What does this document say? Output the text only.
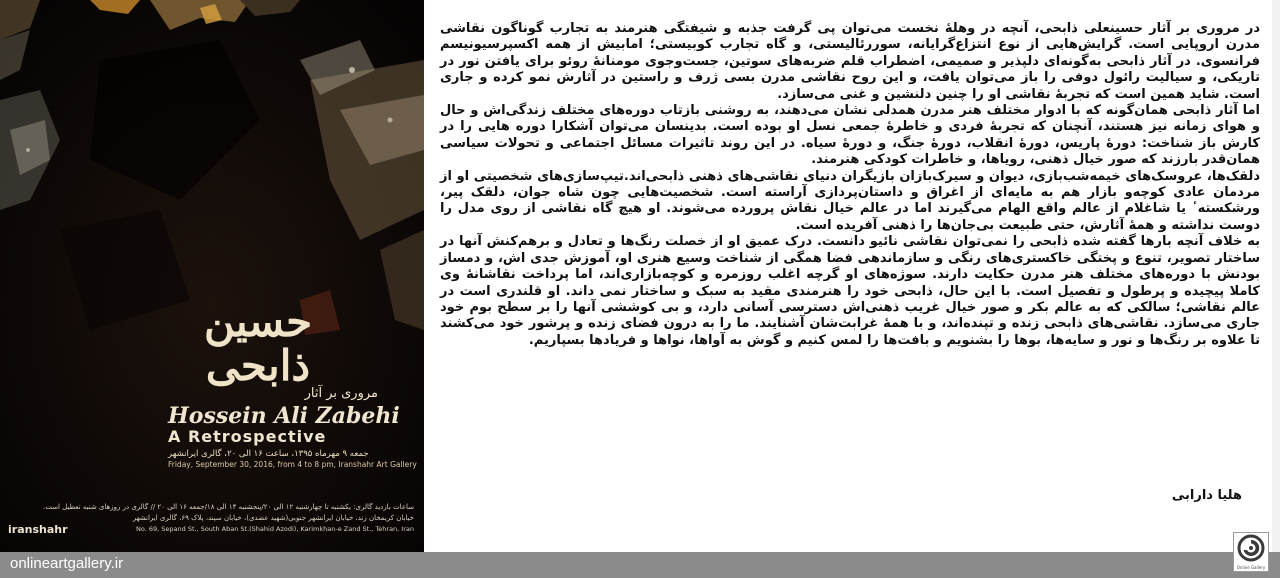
حسین ذابحی
مروری بر آثار
Hossein Ali Zabehi
A Retrospective
جمعه ۹ مهرماه ۱۳۹۵، ساعت ۱۶ الی ۲۰، گالری ایرانشهر
Friday, September 30, 2016, from 4 to 8 pm, Iranshahr Art Gallery
ساعات بازدید گالری: یکشنبه تا چهارشنبه ۱۲ الی ۲۰/پنجشنبه ۱۴ الی ۱۸/جمعه ۱۶ الی ۲۰ // گالری در روزهای شنبه تعطیل است.
خیابان کریمخان زند، خیابان ایرانشهر جنوبی(شهید عضدی)، خیابان سپند، پلاک ۶۹، گالری ایرانشهر
iranshahr	No. 69, Sepand St., South Aban St.(Shahid Azodi), Karimkhan-e Zand St., Tehran, Iran

در مروری بر آثار حسینعلی ذابحی، آنچه در وهلهٔ نخست می‌توان پی گرفت جذبه و شیفتگی هنرمند به تجارب گوناگون نقاشی مدرن اروپایی است. گرایش‌هایی از نوع انتزاع‌گرایانه، سوررئالیستی، و گاه تجارب کوبیستی؛ امابیش از همه اکسپرسیونیسم فرانسوی. در آثار ذابحی به‌گونه‌ای دلپذیر و صمیمی، اضطراب قلم ضربه‌های سوتین، جست‌وجوی مومنانهٔ روئو برای یافتن نور در تاریکی، و سیالیت رائول دوفی را باز می‌توان یافت، و این روح نقاشی مدرن بسی ژرف و راستین در آثارش نمو کرده و جاری است. شاید همین است که تجربهٔ نقاشی او را چنین دلنشین و غنی می‌سازد.

اما آثار ذابحی همان‌گونه که با ادوار مختلف هنر مدرن همدلی نشان می‌دهند، به روشنی بازتاب دوره‌های مختلف زندگی‌اش و حال و هوای زمانه نیز هستند، آنچنان که تجربهٔ فردی و خاطرهٔ جمعی نسل او بوده است. بدینسان می‌توان آشکارا دوره هایی را در کارش باز شناخت: دورهٔ پاریس، دورهٔ انقلاب، دورهٔ جنگ، و دورهٔ سیاه. در این روند تاثیرات مسائل اجتماعی و تحولات سیاسی همان‌قدر بارزند که صور خیال ذهنی، رویاها، و خاطرات کودکی هنرمند.

دلقک‌ها، عروسک‌های خیمه‌شب‌بازی، دیوان و سیرک‌بازان بازیگران دنیای نقاشی‌های ذهنی ذابحی‌اند.تیپ‌سازی‌های شخصیتی او از مردمان عادی کوچه‌و بازار هم به مایه‌ای از اغراق و داستان‌پردازی آراسته است. شخصیت‌هایی چون شاه جوان، دلقک پیر، ورشکسته ٔ یا شاغلام از عالم واقع الهام می‌گیرند اما در عالم خیال نقاش پرورده می‌شوند. او هیچ گاه نقاشی از روی مدل را دوست نداشته و همهٔ آثارش، حتی طبیعت بی‌جان‌ها را ذهنی آفریده است.

به خلاف آنچه بارها گفته شده ذابحی را نمی‌توان نقاشی نائیو دانست. درک عمیق او از خصلت رنگ‌ها و تعادل و برهم‌کنش آنها در ساختار تصویر، تنوع و پختگی خاکستری‌های رنگی و سازماندهی فضا همگی از شناخت وسیع هنری او، آموزش جدی اش، و دمساز بودنش با دوره‌های مختلف هنر مدرن حکایت دارند. سوژه‌های او گرچه اغلب روزمره و کوچه‌بازاری‌اند، اما پرداخت نقاشانهٔ وی کاملا پیچیده و پرطول و تفصیل است. با این حال، ذابحی خود را هنرمندی مقید به سبک و ساختار نمی داند. او قلندری است در عالم نقاشی؛ سالکی که به عالم بکر و صور خیال غریب ذهنی‌اش دسترسی آسانی دارد، و بی کوششی آنها را بر سطح بوم خود جاری می‌سازد. نقاشی‌های ذابحی زنده و تپنده‌اند، و با همهٔ غرابت‌شان آشنایند. ما را به درون فضای زنده و پرشور خود می‌کشند تا علاوه بر رنگ‌ها و نور و سایه‌ها، بوها را بشنویم و بافت‌ها را لمس کنیم و گوش به آواها، نواها و فریادها بسپاریم.

هلیا دارابی
onlineartgallery.ir	Online Gallery
